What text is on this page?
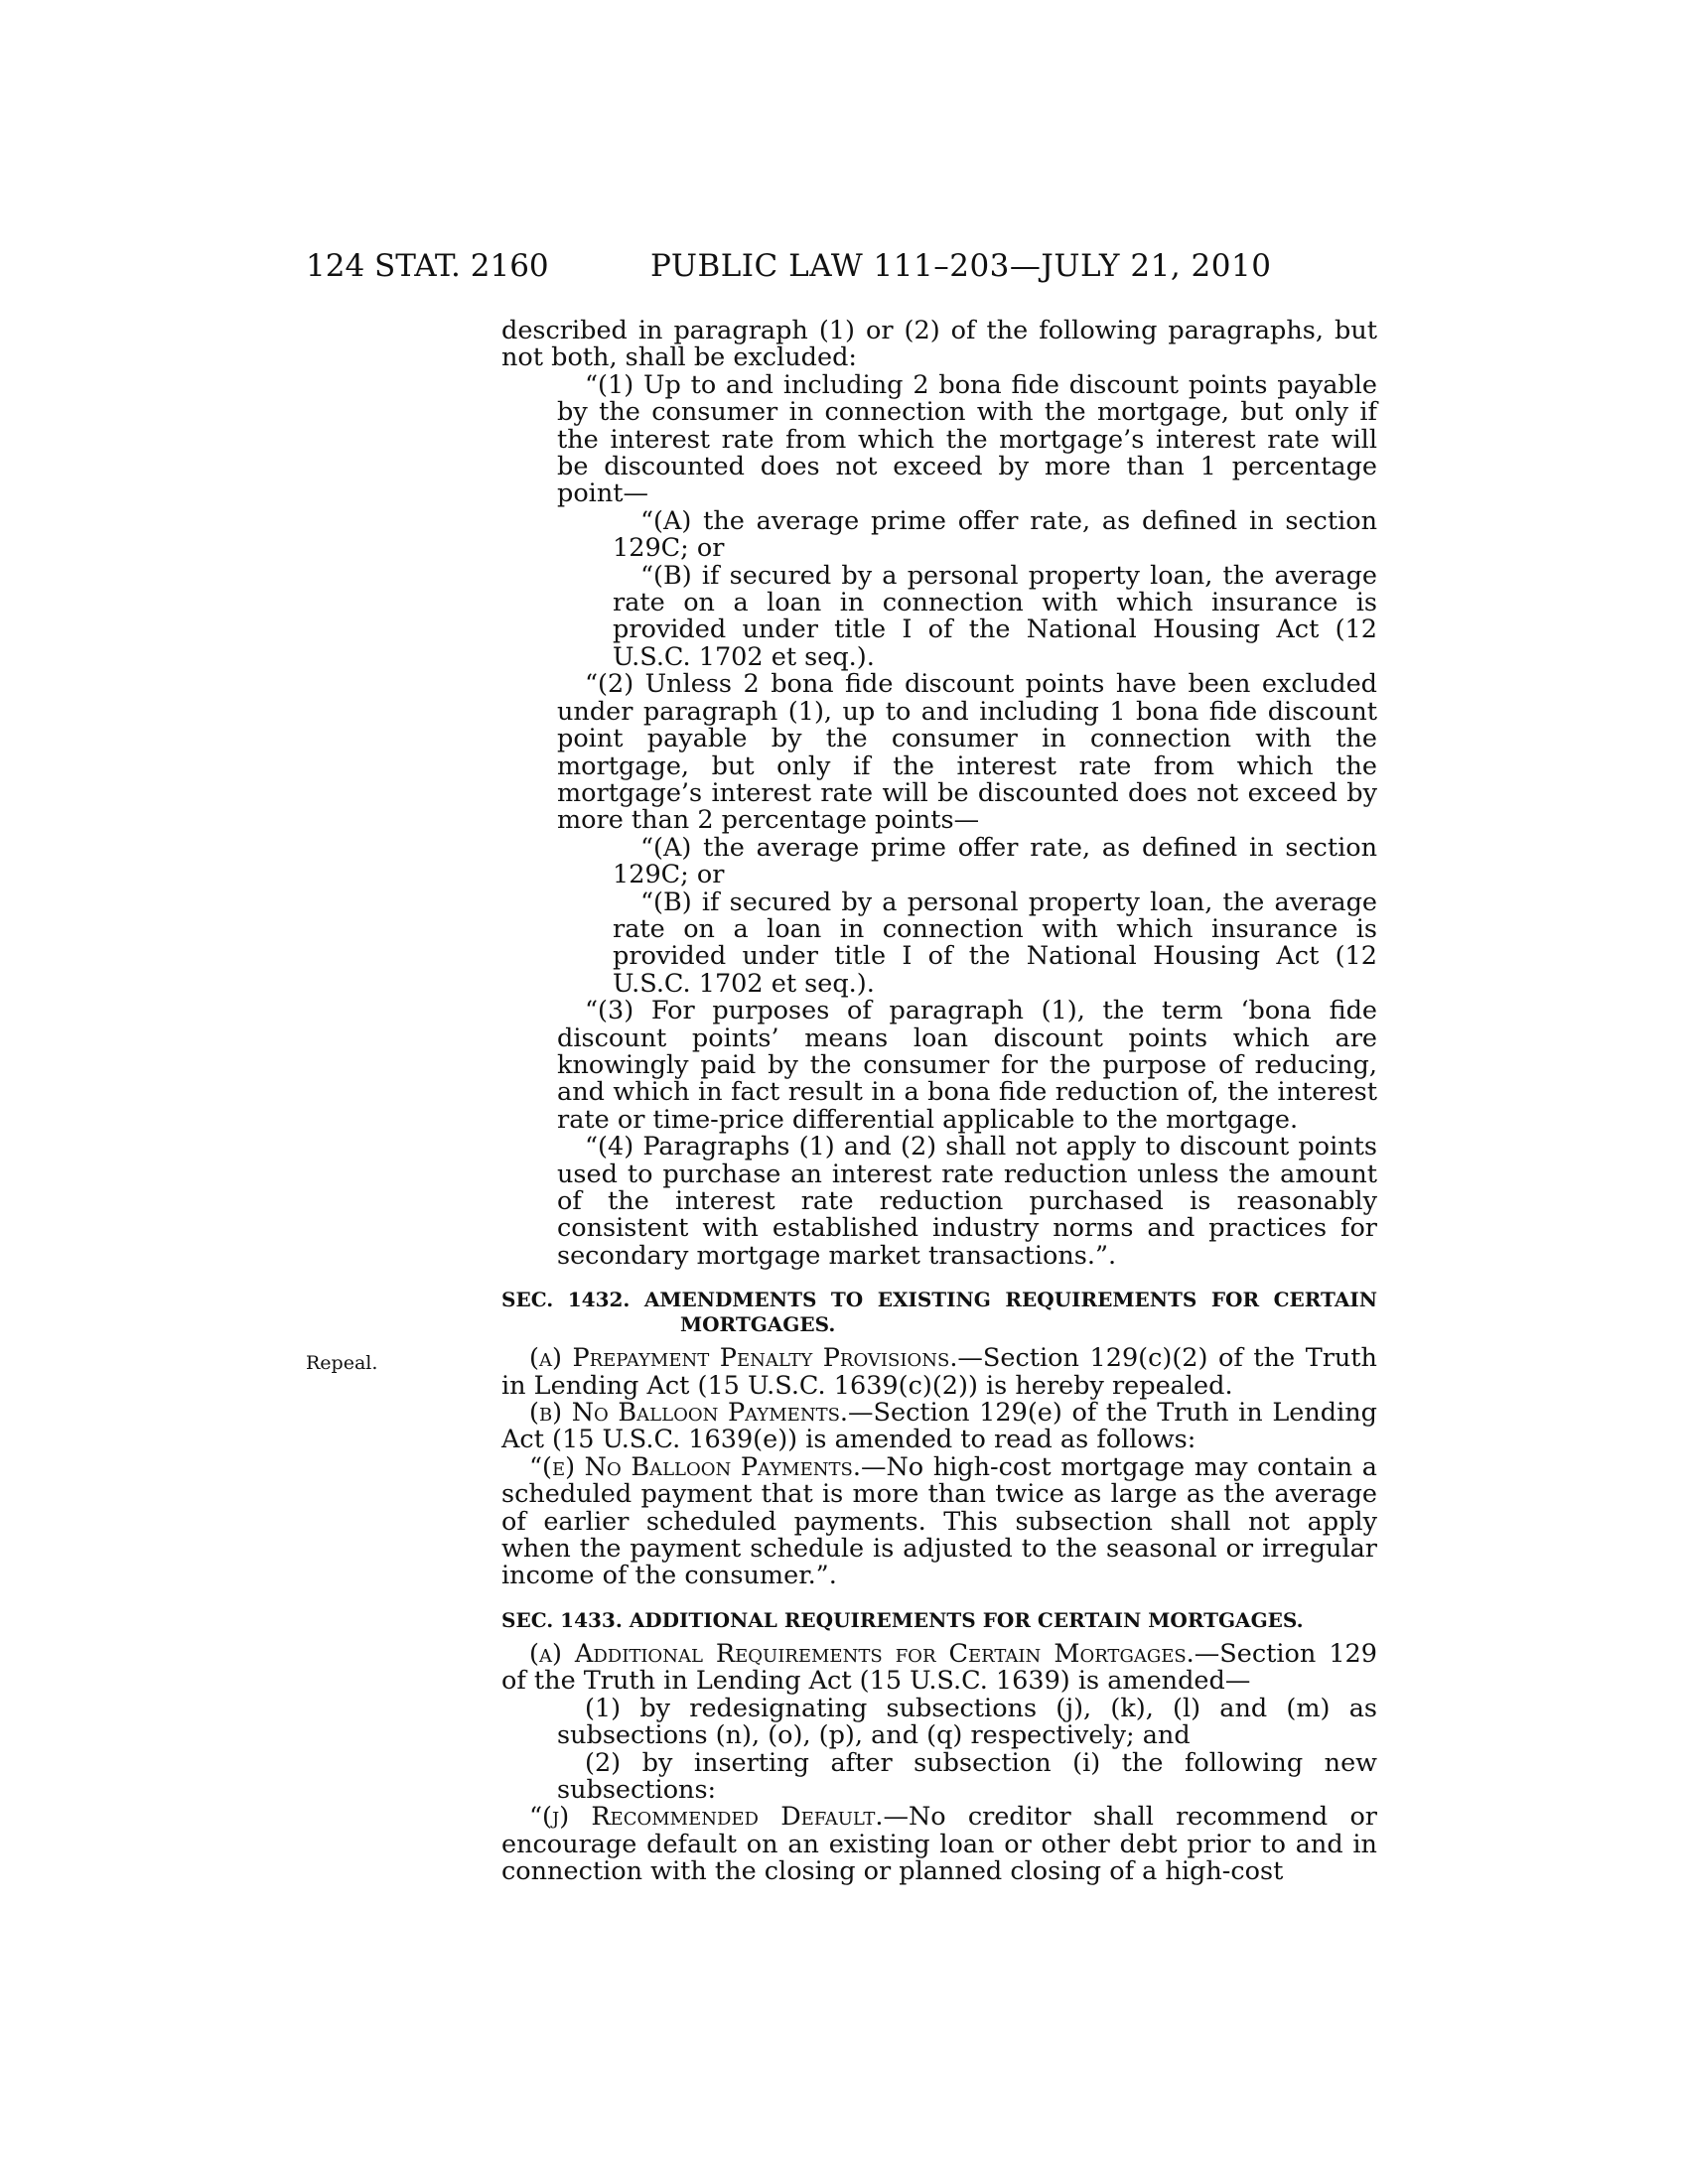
124 STAT. 2160	PUBLIC LAW 111–203—JULY 21, 2010
Repeal.

described in paragraph (1) or (2) of the following paragraphs, but not both, shall be excluded:

“(1) Up to and including 2 bona fide discount points payable by the consumer in connection with the mortgage, but only if the interest rate from which the mortgage’s interest rate will be discounted does not exceed by more than 1 percentage point—

“(A) the average prime offer rate, as defined in section 129C; or

“(B) if secured by a personal property loan, the average rate on a loan in connection with which insurance is provided under title I of the National Housing Act (12 U.S.C. 1702 et seq.).

“(2) Unless 2 bona fide discount points have been excluded under paragraph (1), up to and including 1 bona fide discount point payable by the consumer in connection with the mortgage, but only if the interest rate from which the mortgage’s interest rate will be discounted does not exceed by more than 2 percentage points—

“(A) the average prime offer rate, as defined in section 129C; or

“(B) if secured by a personal property loan, the average rate on a loan in connection with which insurance is provided under title I of the National Housing Act (12 U.S.C. 1702 et seq.).

“(3) For purposes of paragraph (1), the term ‘bona fide discount points’ means loan discount points which are knowingly paid by the consumer for the purpose of reducing, and which in fact result in a bona fide reduction of, the interest rate or time-price differential applicable to the mortgage.

“(4) Paragraphs (1) and (2) shall not apply to discount points used to purchase an interest rate reduction unless the amount of the interest rate reduction purchased is reasonably consistent with established industry norms and practices for secondary mortgage market transactions.”.

SEC. 1432. AMENDMENTS TO EXISTING REQUIREMENTS FOR CERTAIN MORTGAGES.

(a) Prepayment Penalty Provisions.—Section 129(c)(2) of the Truth in Lending Act (15 U.S.C. 1639(c)(2)) is hereby repealed.

(b) No Balloon Payments.—Section 129(e) of the Truth in Lending Act (15 U.S.C. 1639(e)) is amended to read as follows:

“(e) No Balloon Payments.—No high-cost mortgage may contain a scheduled payment that is more than twice as large as the average of earlier scheduled payments. This subsection shall not apply when the payment schedule is adjusted to the seasonal or irregular income of the consumer.”.

SEC. 1433. ADDITIONAL REQUIREMENTS FOR CERTAIN MORTGAGES.

(a) Additional Requirements for Certain Mortgages.—Section 129 of the Truth in Lending Act (15 U.S.C. 1639) is amended—

(1) by redesignating subsections (j), (k), (l) and (m) as subsections (n), (o), (p), and (q) respectively; and

(2) by inserting after subsection (i) the following new subsections:

“(j) Recommended Default.—No creditor shall recommend or encourage default on an existing loan or other debt prior to and in connection with the closing or planned closing of a high-cost
